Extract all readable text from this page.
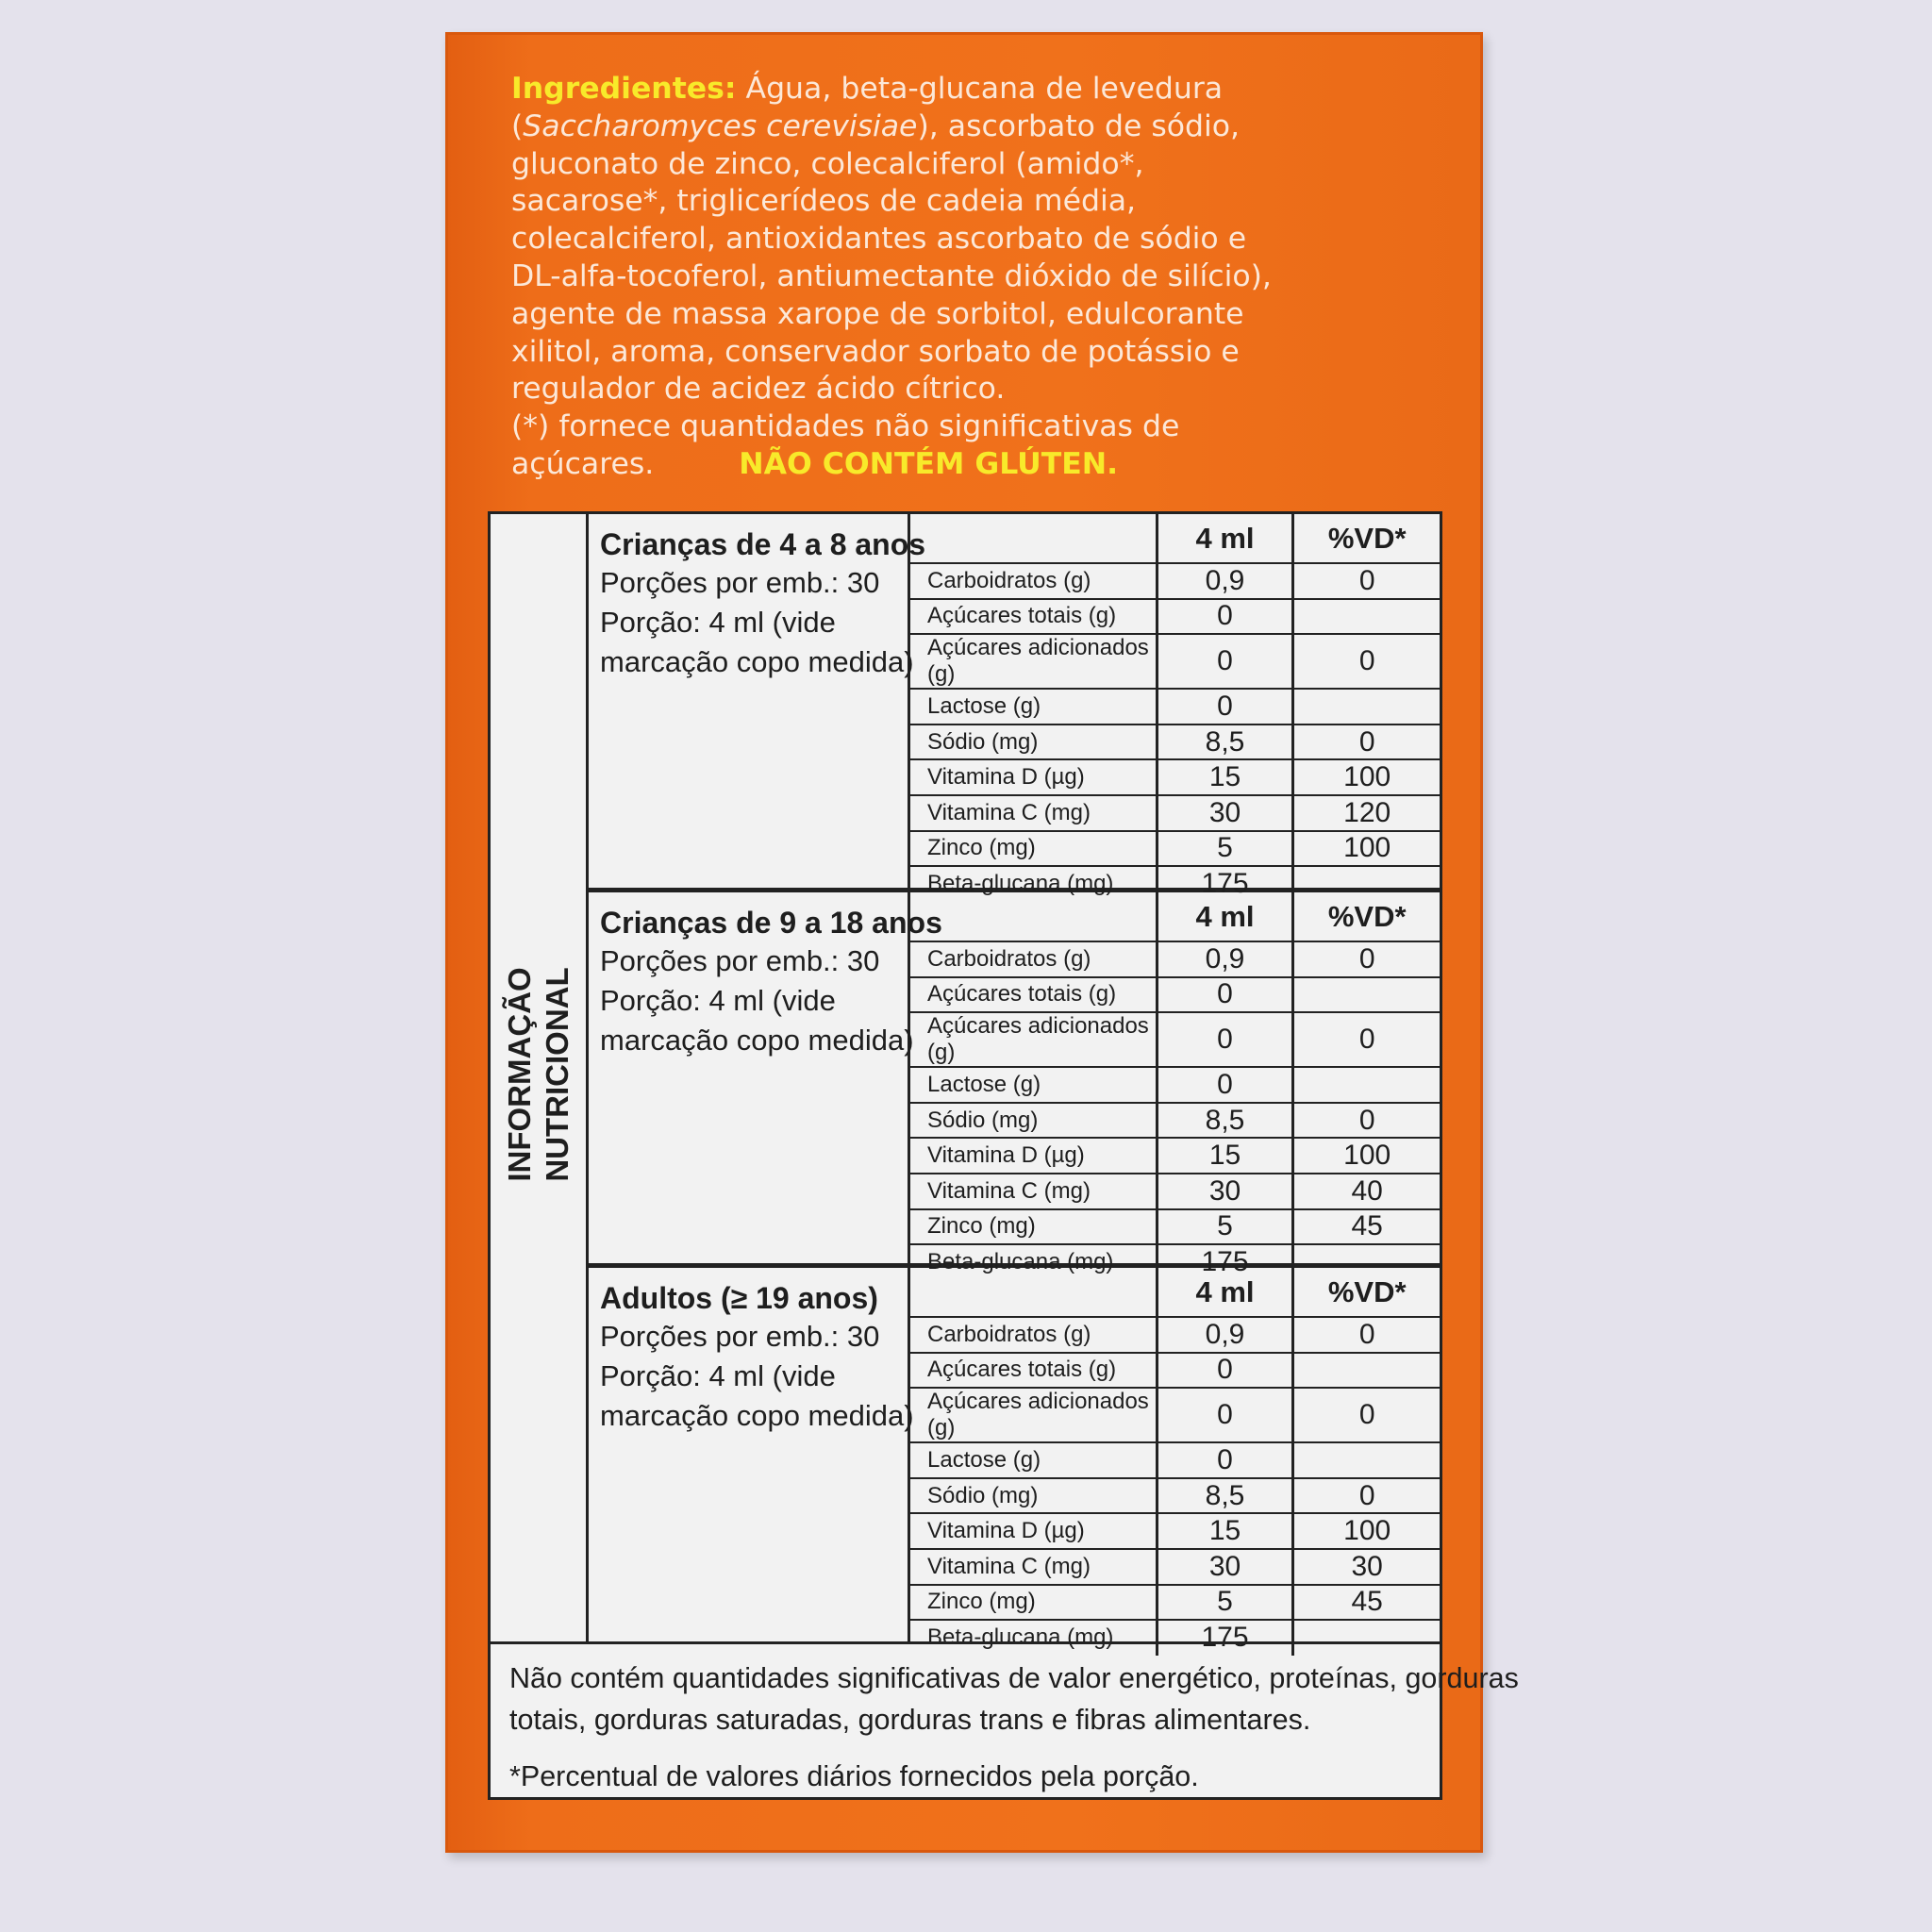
Ingredientes: Água, beta-glucana de levedura
(Saccharomyces cerevisiae), ascorbato de sódio,
gluconato de zinco, colecalciferol (amido*,
sacarose*, triglicerídeos de cadeia média,
colecalciferol, antioxidantes ascorbato de sódio e
DL-alfa-tocoferol, antiumectante dióxido de silício),
agente de massa xarope de sorbitol, edulcorante
xilitol, aroma, conservador sorbato de potássio e
regulador de acidez ácido cítrico.
(*) fornece quantidades não significativas de
açúcares.	NÃO CONTÉM GLÚTEN.
INFORMAÇÃO NUTRICIONAL
Crianças de 4 a 8 anos
Porções por emb.: 30
Porção: 4 ml (vide
marcação copo medida)
	4 ml	%VD*
Carboidratos (g)	0,9	0
Açúcares totais (g)	0	
Açúcares adicionados (g)	0	0
Lactose (g)	0	
Sódio (mg)	8,5	0
Vitamina D (µg)	15	100
Vitamina C (mg)	30	120
Zinco (mg)	5	100
Beta-glucana (mg)	175	
Crianças de 9 a 18 anos
Porções por emb.: 30
Porção: 4 ml (vide
marcação copo medida)
	4 ml	%VD*
Carboidratos (g)	0,9	0
Açúcares totais (g)	0	
Açúcares adicionados (g)	0	0
Lactose (g)	0	
Sódio (mg)	8,5	0
Vitamina D (µg)	15	100
Vitamina C (mg)	30	40
Zinco (mg)	5	45
Beta-glucana (mg)	175	
Adultos (≥ 19 anos)
Porções por emb.: 30
Porção: 4 ml (vide
marcação copo medida)
	4 ml	%VD*
Carboidratos (g)	0,9	0
Açúcares totais (g)	0	
Açúcares adicionados (g)	0	0
Lactose (g)	0	
Sódio (mg)	8,5	0
Vitamina D (µg)	15	100
Vitamina C (mg)	30	30
Zinco (mg)	5	45
Beta-glucana (mg)	175	
Não contém quantidades significativas de valor energético, proteínas, gorduras
totais, gorduras saturadas, gorduras trans e fibras alimentares.
*Percentual de valores diários fornecidos pela porção.
